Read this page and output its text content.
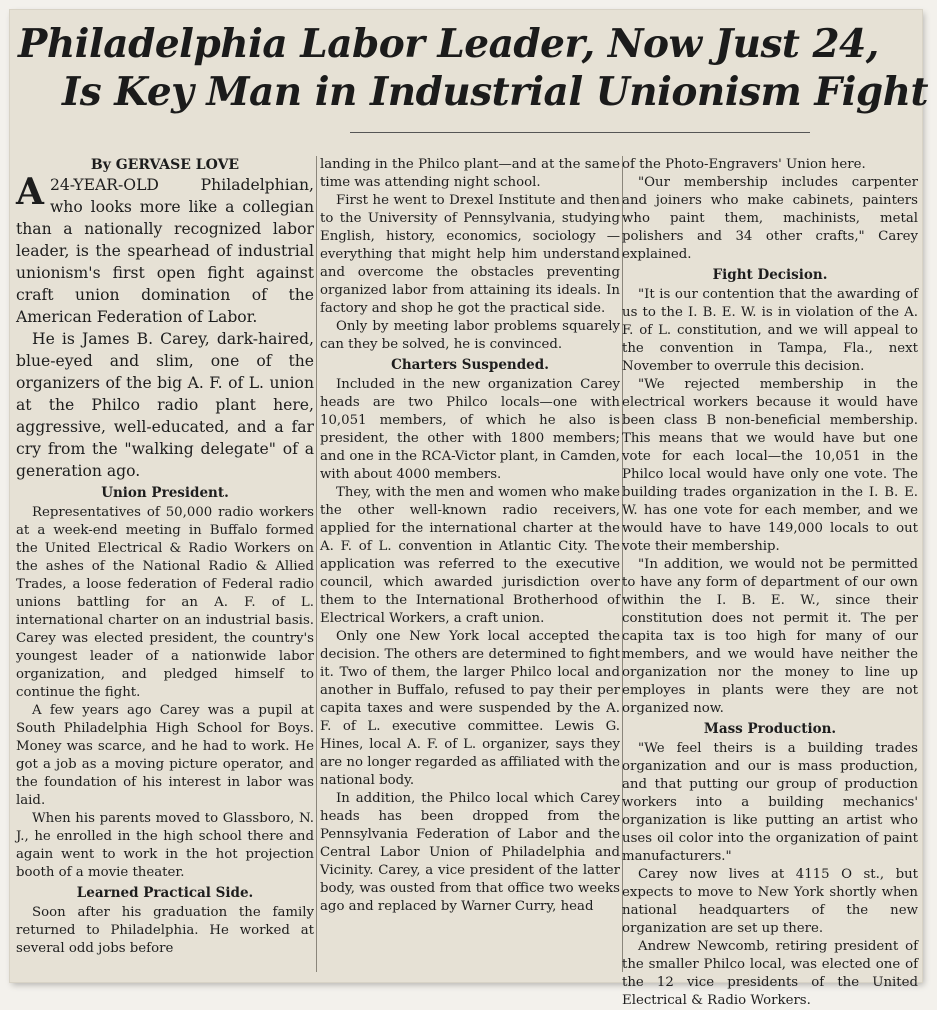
Philadelphia Labor Leader, Now Just 24,
Is Key Man in Industrial Unionism Fight
By GERVASE LOVE

A 24-YEAR-OLD Philadelphian, who looks more like a collegian than a nationally recognized labor leader, is the spearhead of industrial unionism's first open fight against craft union domination of the American Federation of Labor.

He is James B. Carey, dark-haired, blue-eyed and slim, one of the organizers of the big A. F. of L. union at the Philco radio plant here, aggressive, well-educated, and a far cry from the "walking delegate" of a generation ago.

Union President.

Representatives of 50,000 radio workers at a week-end meeting in Buffalo formed the United Electrical & Radio Workers on the ashes of the National Radio & Allied Trades, a loose federation of Federal radio unions battling for an A. F. of L. international charter on an industrial basis. Carey was elected president, the country's youngest leader of a nationwide labor organization, and pledged himself to continue the fight.

A few years ago Carey was a pupil at South Philadelphia High School for Boys. Money was scarce, and he had to work. He got a job as a moving picture operator, and the foundation of his interest in labor was laid.

When his parents moved to Glassboro, N. J., he enrolled in the high school there and again went to work in the hot projection booth of a movie theater.

Learned Practical Side.

Soon after his graduation the family returned to Philadelphia. He worked at several odd jobs before

landing in the Philco plant—and at the same time was attending night school.

First he went to Drexel Institute and then to the University of Pennsylvania, studying English, history, economics, sociology — everything that might help him understand and overcome the obstacles preventing organized labor from attaining its ideals. In factory and shop he got the practical side.

Only by meeting labor problems squarely can they be solved, he is convinced.

Charters Suspended.

Included in the new organization Carey heads are two Philco locals—one with 10,051 members, of which he also is president, the other with 1800 members; and one in the RCA-Victor plant, in Camden, with about 4000 members.

They, with the men and women who make the other well-known radio receivers, applied for the international charter at the A. F. of L. convention in Atlantic City. The application was referred to the executive council, which awarded jurisdiction over them to the International Brotherhood of Electrical Workers, a craft union.

Only one New York local accepted the decision. The others are determined to fight it. Two of them, the larger Philco local and another in Buffalo, refused to pay their per capita taxes and were suspended by the A. F. of L. executive committee. Lewis G. Hines, local A. F. of L. organizer, says they are no longer regarded as affiliated with the national body.

In addition, the Philco local which Carey heads has been dropped from the Pennsylvania Federation of Labor and the Central Labor Union of Philadelphia and Vicinity. Carey, a vice president of the latter body, was ousted from that office two weeks ago and replaced by Warner Curry, head

of the Photo-Engravers' Union here.

"Our membership includes carpenter and joiners who make cabinets, painters who paint them, machinists, metal polishers and 34 other crafts," Carey explained.

Fight Decision.

"It is our contention that the awarding of us to the I. B. E. W. is in violation of the A. F. of L. constitution, and we will appeal to the convention in Tampa, Fla., next November to overrule this decision.

"We rejected membership in the electrical workers because it would have been class B non-beneficial membership. This means that we would have but one vote for each local—the 10,051 in the Philco local would have only one vote. The building trades organization in the I. B. E. W. has one vote for each member, and we would have to have 149,000 locals to out vote their membership.

"In addition, we would not be permitted to have any form of department of our own within the I. B. E. W., since their constitution does not permit it. The per capita tax is too high for many of our members, and we would have neither the organization nor the money to line up employes in plants were they are not organized now.

Mass Production.

"We feel theirs is a building trades organization and our is mass production, and that putting our group of production workers into a building mechanics' organization is like putting an artist who uses oil color into the organization of paint manufacturers."

Carey now lives at 4115 O st., but expects to move to New York shortly when national headquarters of the new organization are set up there.

Andrew Newcomb, retiring president of the smaller Philco local, was elected one of the 12 vice presidents of the United Electrical & Radio Workers.
